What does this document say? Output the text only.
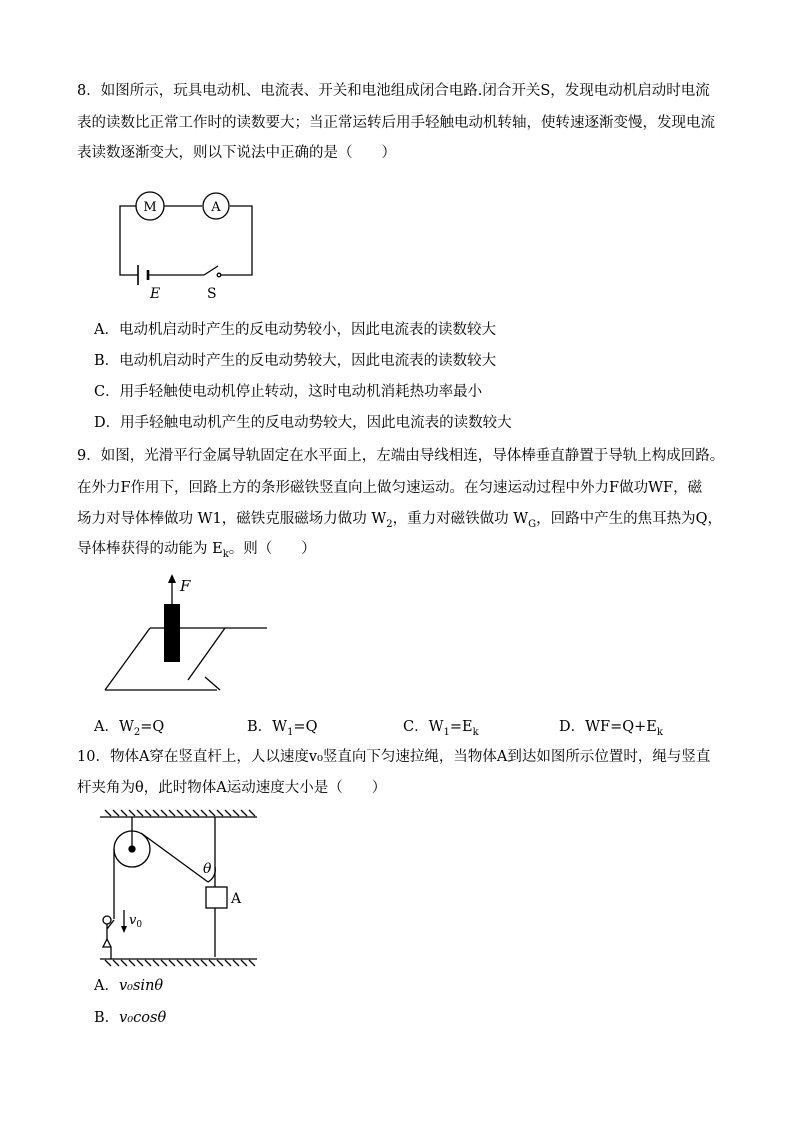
8．如图所示，玩具电动机、电流表、开关和电池组成闭合电路.闭合开关S，发现电动机启动时电流
表的读数比正常工作时的读数要大；当正常运转后用手轻触电动机转轴，使转速逐渐变慢，发现电流
表读数逐渐变大，则以下说法中正确的是（　　）
M	A
E	S
A．电动机启动时产生的反电动势较小，因此电流表的读数较大
B．电动机启动时产生的反电动势较大，因此电流表的读数较大
C．用手轻触使电动机停止转动，这时电动机消耗热功率最小
D．用手轻触电动机产生的反电动势较大，因此电流表的读数较大
9．如图，光滑平行金属导轨固定在水平面上，左端由导线相连，导体棒垂直静置于导轨上构成回路。
在外力F作用下，回路上方的条形磁铁竖直向上做匀速运动。在匀速运动过程中外力F做功WF，磁
场力对导体棒做功 W1，磁铁克服磁场力做功 $W_2$，重力对磁铁做功 $W_G$，回路中产生的焦耳热为Q，
导体棒获得的动能为 $E_k$。则（　　）
F
A．$W_2=Q$	B．$W_1=Q$	C．$W_1=E_k$	D．$WF=Q+E_k$
10．物体A穿在竖直杆上，人以速度v₀竖直向下匀速拉绳，当物体A到达如图所示位置时，绳与竖直
杆夹角为θ，此时物体A运动速度大小是（　　）
θ
A
$v_0$
A．v₀sinθ
B．v₀cosθ
